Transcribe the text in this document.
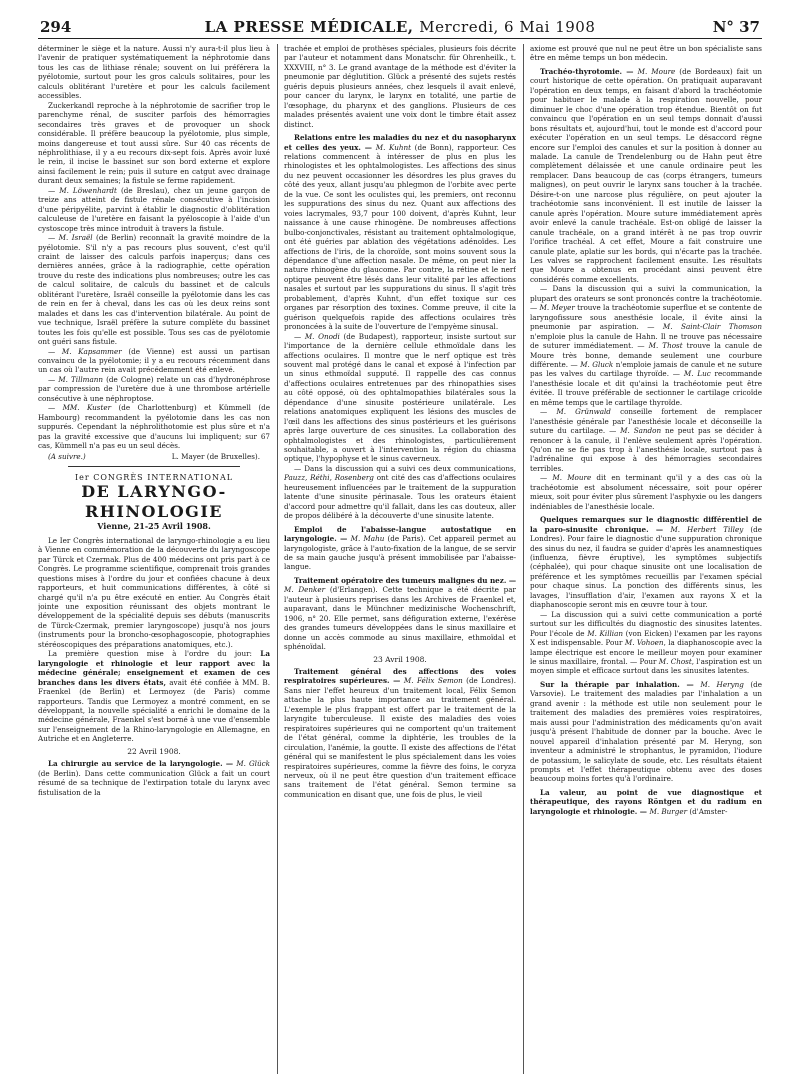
294	LA PRESSE MÉDICALE, Mercredi, 6 Mai 1908	N° 37

déterminer le siège et la nature. Aussi n'y aura-t-il plus lieu à l'avenir de pratiquer systématiquement la néphrotomie dans tous les cas de lithiase rénale; souvent on lui préférera la pyélotomie, surtout pour les gros calculs solitaires, pour les calculs oblitérant l'uretère et pour les calculs facilement accessibles.

Zuckerkandl reproche à la néphrotomie de sacrifier trop le parenchyme rénal, de susciter parfois des hémorragies secondaires très graves et de provoquer un shock considérable. Il préfère beaucoup la pyélotomie, plus simple, moins dangereuse et tout aussi sûre. Sur 40 cas récents de néphrolithiase, il y a eu recours dix-sept fois. Après avoir luxé le rein, il incise le bassinet sur son bord externe et explore ainsi facilement le rein; puis il suture en catgut avec drainage durant deux semaines; la fistule se ferme rapidement.

— M. Löwenhardt (de Breslau), chez un jeune garçon de treize ans atteint de fistule rénale consécutive à l'incision d'une péripyélite, parvint à établir le diagnostic d'oblitération calculeuse de l'uretère en faisant la pyéloscopie à l'aide d'un cystoscope très mince introduit à travers la fistule.

— M. Israël (de Berlin) reconnaît la gravité moindre de la pyélotomie. S'il n'y a pas recours plus souvent, c'est qu'il craint de laisser des calculs parfois inaperçus; dans ces dernières années, grâce à la radiographie, cette opération trouve du reste des indications plus nombreuses; outre les cas de calcul solitaire, de calculs du bassinet et de calculs oblitérant l'uretère, Israël conseille la pyélotomie dans les cas de rein en fer à cheval, dans les cas où les deux reins sont malades et dans les cas d'intervention bilatérale. Au point de vue technique, Israël préfère la suture complète du bassinet toutes les fois qu'elle est possible. Tous ses cas de pyélotomie ont guéri sans fistule.

— M. Kapsammer (de Vienne) est aussi un partisan convaincu de la pyélotomie; il y a eu recours récemment dans un cas où l'autre rein avait précédemment été enlevé.

— M. Tillmann (de Cologne) relate un cas d'hydronéphrose par compression de l'uretère due à une thrombose artérielle consécutive à une néphroptose.

— MM. Kuster (de Charlottenburg) et Kümmell (de Hambourg) recommandent la pyélotomie dans les cas non suppurés. Cependant la néphrolithotomie est plus sûre et n'a pas la gravité excessive que d'aucuns lui impliquent; sur 67 cas, Kümmell n'a pas eu un seul décès.

(A suivre.)	L. Mayer (de Bruxelles).
Ier CONGRÈS INTERNATIONAL
DE LARYNGO-RHINOLOGIE
Vienne, 21-25 Avril 1908.

Le Ier Congrès international de laryngo-rhinologie a eu lieu à Vienne en commémoration de la découverte du laryngoscope par Türck et Czermak. Plus de 400 médecins ont pris part à ce Congrès. Le programme scientifique, comprenait trois grandes questions mises à l'ordre du jour et confiées chacune à deux rapporteurs, et huit communications différentes, à côté si chargé qu'il n'a pu être exécuté en entier. Au Congrès était jointe une exposition réunissant des objets montrant le développement de la spécialité depuis ses débuts (manuscrits de Türck-Czermak, premier laryngoscope) jusqu'à nos jours (instruments pour la broncho-œsophagoscopie, photographies stéréoscopiques des préparations anatomiques, etc.).

La première question mise à l'ordre du jour: La laryngologie et rhinologie et leur rapport avec la médecine générale; enseignement et examen de ces branches dans les divers états, avait été confiée à MM. B. Fraenkel (de Berlin) et Lermoyez (de Paris) comme rapporteurs. Tandis que Lermoyez a montré comment, en se développant, la nouvelle spécialité a enrichi le domaine de la médecine générale, Fraenkel s'est borné à une vue d'ensemble sur l'enseignement de la Rhino-laryngologie en Allemagne, en Autriche et en Angleterre.

22 Avril 1908.

La chirurgie au service de la laryngologie. — M. Glück (de Berlin). Dans cette communication Glück a fait un court résumé de sa technique de l'extirpation totale du larynx avec fistulisation de la

trachée et emploi de prothèses spéciales, plusieurs fois décrite par l'auteur et notamment dans Monatschr. für Ohrenheilk., t. XXXVIII, n° 3. Le grand avantage de la méthode est d'éviter la pneumonie par déglutition. Glück a présenté des sujets restés guéris depuis plusieurs années, chez lesquels il avait enlevé, pour cancer du larynx, le larynx en totalité, une partie de l'œsophage, du pharynx et des ganglions. Plusieurs de ces malades présentés avaient une voix dont le timbre était assez distinct.

Relations entre les maladies du nez et du nasopharynx et celles des yeux. — M. Kuhnt (de Bonn), rapporteur. Ces relations commencent à intéresser de plus en plus les rhinologistes et les ophtalmologistes. Les affections des sinus du nez peuvent occasionner les désordres les plus graves du côté des yeux, allant jusqu'au phlegmon de l'orbite avec perte de la vue. Ce sont les oculistes qui, les premiers, ont reconnu les suppurations des sinus du nez. Quant aux affections des voies lacrymales, 93,7 pour 100 doivent, d'après Kuhnt, leur naissance à une cause rhinogène. De nombreuses affections bulbo-conjonctivales, résistant au traitement ophtalmologique, ont été guéries par ablation des végétations adénoïdes. Les affections de l'iris, de la choroïde, sont moins souvent sous la dépendance d'une affection nasale. De même, on peut nier la nature rhinogène du glaucome. Par contre, la rétine et le nerf optique peuvent être lésés dans leur vitalité par les affections nasales et surtout par les suppurations du sinus. Il s'agit très probablement, d'après Kuhnt, d'un effet toxique sur ces organes par résorption des toxines. Comme preuve, il cite la guérison quelquefois rapide des affections oculaires très prononcées à la suite de l'ouverture de l'empyème sinusal.

— M. Onodi (de Budapest), rapporteur, insiste surtout sur l'importance de la dernière cellule ethmoïdale dans les affections oculaires. Il montre que le nerf optique est très souvent mal protégé dans le canal et exposé à l'infection par un sinus ethmoïdal supputé. Il rappelle des cas connus d'affections oculaires entretenues par des rhinopathies sises au côté opposé, où des ophtalmopathies bilatérales sous la dépendance d'une sinusite postérieure unilatérale. Les relations anatomiques expliquent les lésions des muscles de l'œil dans les affections des sinus postérieurs et les guérisons après large ouverture de ces sinusites. La collaboration des ophtalmologistes et des rhinologistes, particulièrement souhaitable, a ouvert à l'intervention la région du chiasma optique, l'hypophyse et le sinus caverneux.

— Dans la discussion qui a suivi ces deux communications, Pauzz, Réthi, Rosenberg ont cité des cas d'affections oculaires heureusement influencées par le traitement de la suppuration latente d'une sinusite périnasale. Tous les orateurs étaient d'accord pour admettre qu'il fallait, dans les cas douteux, aller de propos délibéré à la découverte d'une sinusite latente.

Emploi de l'abaisse-langue autostatique en laryngologie. — M. Mahu (de Paris). Cet appareil permet au laryngologiste, grâce à l'auto-fixation de la langue, de se servir de sa main gauche jusqu'à présent immobilisée par l'abaisse-langue.

Traitement opératoire des tumeurs malignes du nez. — M. Denker (d'Erlangen). Cette technique a été décrite par l'auteur à plusieurs reprises dans les Archives de Fraenkel et, auparavant, dans le Münchner medizinische Wochenschrift, 1906, n° 20. Elle permet, sans défiguration externe, l'exérèse des grandes tumeurs développées dans le sinus maxillaire et donne un accès commode au sinus maxillaire, ethmoïdal et sphénoïdal.

23 Avril 1908.

Traitement général des affections des voies respiratoires supérieures. — M. Félix Semon (de Londres). Sans nier l'effet heureux d'un traitement local, Félix Semon attache la plus haute importance au traitement général. L'exemple le plus frappant est offert par le traitement de la laryngite tuberculeuse. Il existe des maladies des voies respiratoires supérieures qui ne comportent qu'un traitement de l'état général, comme la diphtérie, les troubles de la circulation, l'anémie, la goutte. Il existe des affections de l'état général qui se manifestent le plus spécialement dans les voies respiratoires supérieures, comme la fièvre des foins, le coryza nerveux, où il ne peut être question d'un traitement efficace sans traitement de l'état général. Semon termine sa communication en disant que, une fois de plus, le vieil

axiome est prouvé que nul ne peut être un bon spécialiste sans être en même temps un bon médecin.

Trachéo-thyrotomie. — M. Moure (de Bordeaux) fait un court historique de cette opération. On pratiquait auparavant l'opération en deux temps, en faisant d'abord la trachéotomie pour habituer le malade à la respiration nouvelle, pour diminuer le choc d'une opération trop étendue. Bientôt on fut convaincu que l'opération en un seul temps donnait d'aussi bons résultats et, aujourd'hui, tout le monde est d'accord pour exécuter l'opération en un seul temps. Le désaccord règne encore sur l'emploi des canules et sur la position à donner au malade. La canule de Trendelenburg ou de Hahn peut être complètement délaissée et une canule ordinaire peut les remplacer. Dans beaucoup de cas (corps étrangers, tumeurs malignes), on peut ouvrir le larynx sans toucher à la trachée. Désire-t-on une narcose plus régulière, on peut ajouter la trachéotomie sans inconvénient. Il est inutile de laisser la canule après l'opération. Moure suture immédiatement après avoir enlevé la canule trachéale. Est-on obligé de laisser la canule trachéale, on a grand intérêt à ne pas trop ouvrir l'orifice trachéal. A cet effet, Moure a fait construire une canule plate, aplatie sur les bords, qui n'écarte pas la trachée. Les valves se rapprochent facilement ensuite. Les résultats que Moure a obtenus en procédant ainsi peuvent être considérés comme excellents.

— Dans la discussion qui a suivi la communication, la plupart des orateurs se sont prononcés contre la trachéotomie. — M. Meyer trouve la trachéotomie superflue et se contente de laryngofissure sous anesthésie locale, il évite ainsi la pneumonie par aspiration. — M. Saint-Clair Thomson n'emploie plus la canule de Hahn. Il ne trouve pas nécessaire de suturer immédiatement. — M. Thost trouve la canule de Moure très bonne, demande seulement une courbure différente. — M. Gluck n'emploie jamais de canule et ne suture pas les valves du cartilage thyroïde. — M. Luc recommande l'anesthésie locale et dit qu'ainsi la trachéotomie peut être évitée. Il trouve préférable de sectionner le cartilage cricoïde en même temps que le cartilage thyroïde.

— M. Grünwald conseille fortement de remplacer l'anesthésie générale par l'anesthésie locale et déconseille la suture du cartilage. — M. Sandon ne peut pas se décider à renoncer à la canule, il l'enlève seulement après l'opération. Qu'on ne se fie pas trop à l'anesthésie locale, surtout pas à l'adrénaline qui expose à des hémorragies secondaires terribles.

— M. Moure dit en terminant qu'il y a des cas où la trachéotomie est absolument nécessaire, soit pour opérer mieux, soit pour éviter plus sûrement l'asphyxie ou les dangers indéniables de l'anesthésie locale.

Quelques remarques sur le diagnostic différentiel de la paro-sinusite chronique. — M. Herbert Tilley (de Londres). Pour faire le diagnostic d'une suppuration chronique des sinus du nez, il faudra se guider d'après les anamnestiques (influenza, fièvre éruptive), les symptômes subjectifs (céphalée), qui pour chaque sinusite ont une localisation de préférence et les symptômes recueillis par l'examen spécial pour chaque sinus. La ponction des différents sinus, les lavages, l'insufflation d'air, l'examen aux rayons X et la diaphanoscopie seront mis en œuvre tour à tour.

— La discussion qui a suivi cette communication a porté surtout sur les difficultés du diagnostic des sinusites latentes. Pour l'école de M. Killian (von Eicken) l'examen par les rayons X est indispensable. Pour M. Vohoen, la diaphanoscopie avec la lampe électrique est encore le meilleur moyen pour examiner le sinus maxillaire, frontal. — Pour M. Chost, l'aspiration est un moyen simple et efficace surtout dans les sinusites latentes.

Sur la thérapie par inhalation. — M. Heryng (de Varsovie). Le traitement des maladies par l'inhalation a un grand avenir : la méthode est utile non seulement pour le traitement des maladies des premières voies respiratoires, mais aussi pour l'administration des médicaments qu'on avait jusqu'à présent l'habitude de donner par la bouche. Avec le nouvel appareil d'inhalation présenté par M. Heryng, son inventeur a administré le strophantus, le pyramidon, l'iodure de potassium, le salicylate de soude, etc. Les résultats étaient prompts et l'effet thérapeutique obtenu avec des doses beaucoup moins fortes qu'à l'ordinaire.

La valeur, au point de vue diagnostique et thérapeutique, des rayons Röntgen et du radium en laryngologie et rhinologie. — M. Burger (d'Amster-
